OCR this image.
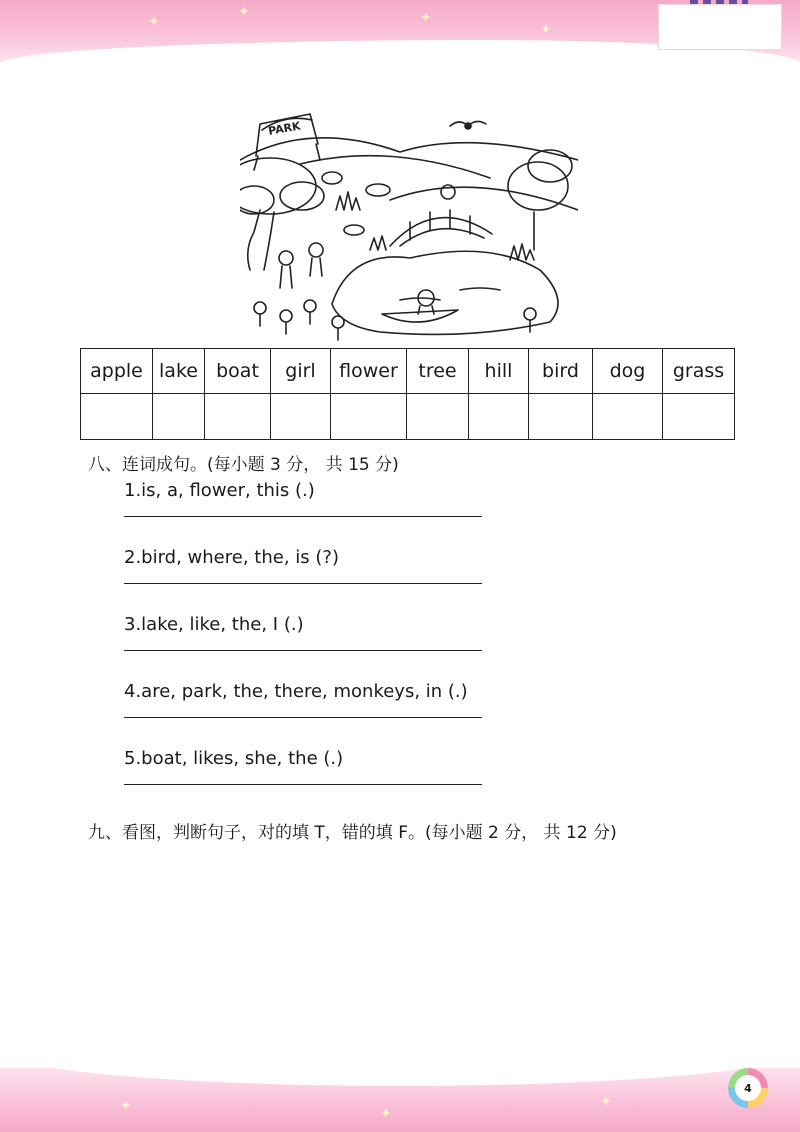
✦
✦	✦
✦
PARK
apple	lake	boat	girl	flower	tree	hill	bird	dog	grass

八、连词成句。(每小题 3 分， 共 15 分)
1.is, a, flower, this (.)
2.bird, where, the, is (?)
3.lake, like, the, I (.)
4.are, park, the, there, monkeys, in (.)
5.boat, likes, she, the (.)
九、看图，判断句子，对的填 T，错的填 F。(每小题 2 分， 共 12 分)
✦	✦
✦
4
